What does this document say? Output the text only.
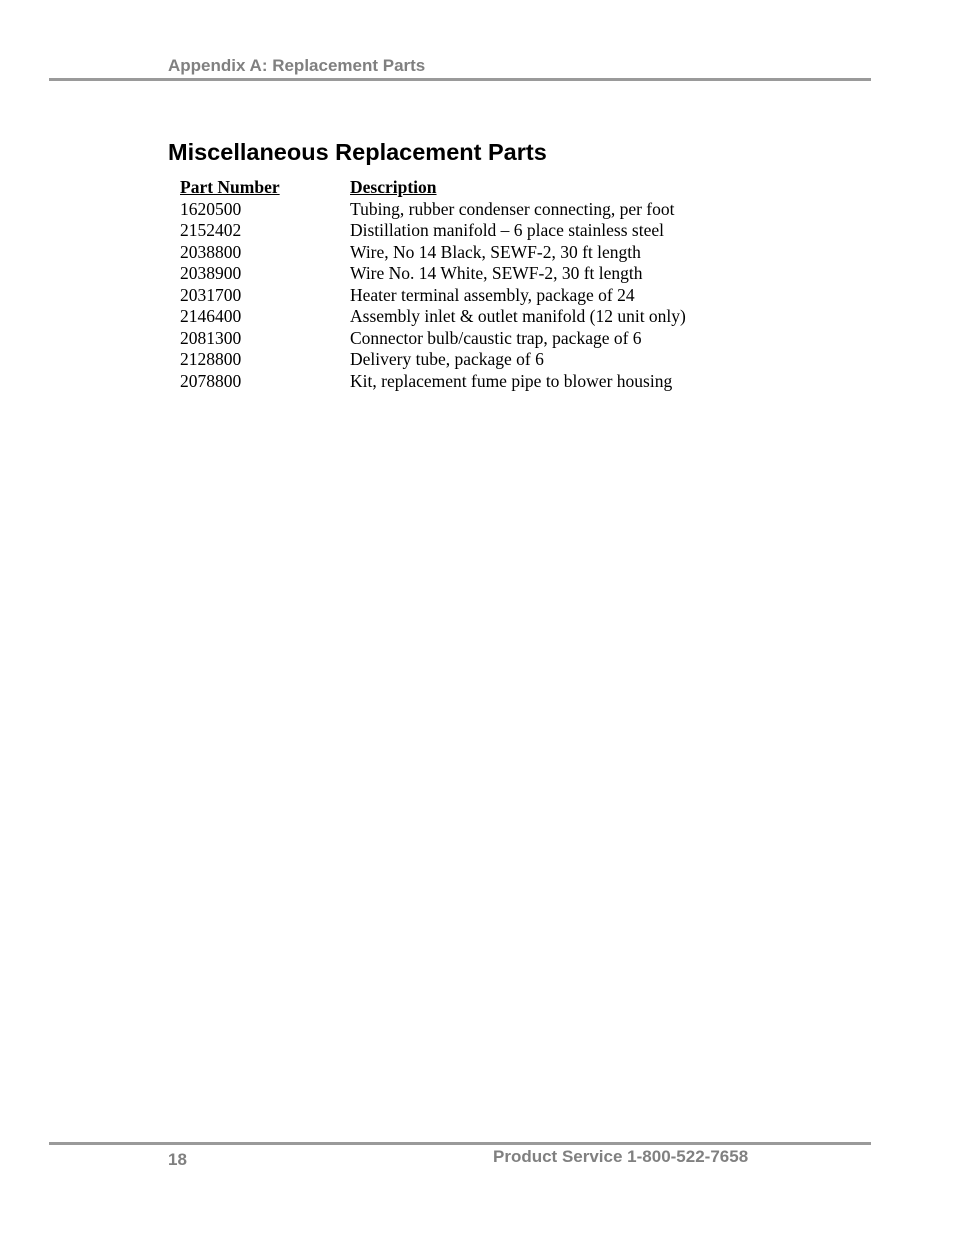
Appendix A: Replacement Parts
Miscellaneous Replacement Parts
Part Number	Description
1620500	Tubing, rubber condenser connecting, per foot
2152402	Distillation manifold – 6 place stainless steel
2038800	Wire, No 14 Black, SEWF-2, 30 ft length
2038900	Wire No. 14 White, SEWF-2, 30 ft length
2031700	Heater terminal assembly, package of 24
2146400	Assembly inlet & outlet manifold (12 unit only)
2081300	Connector bulb/caustic trap, package of 6
2128800	Delivery tube, package of 6
2078800	Kit, replacement fume pipe to blower housing
18	Product Service 1-800-522-7658
